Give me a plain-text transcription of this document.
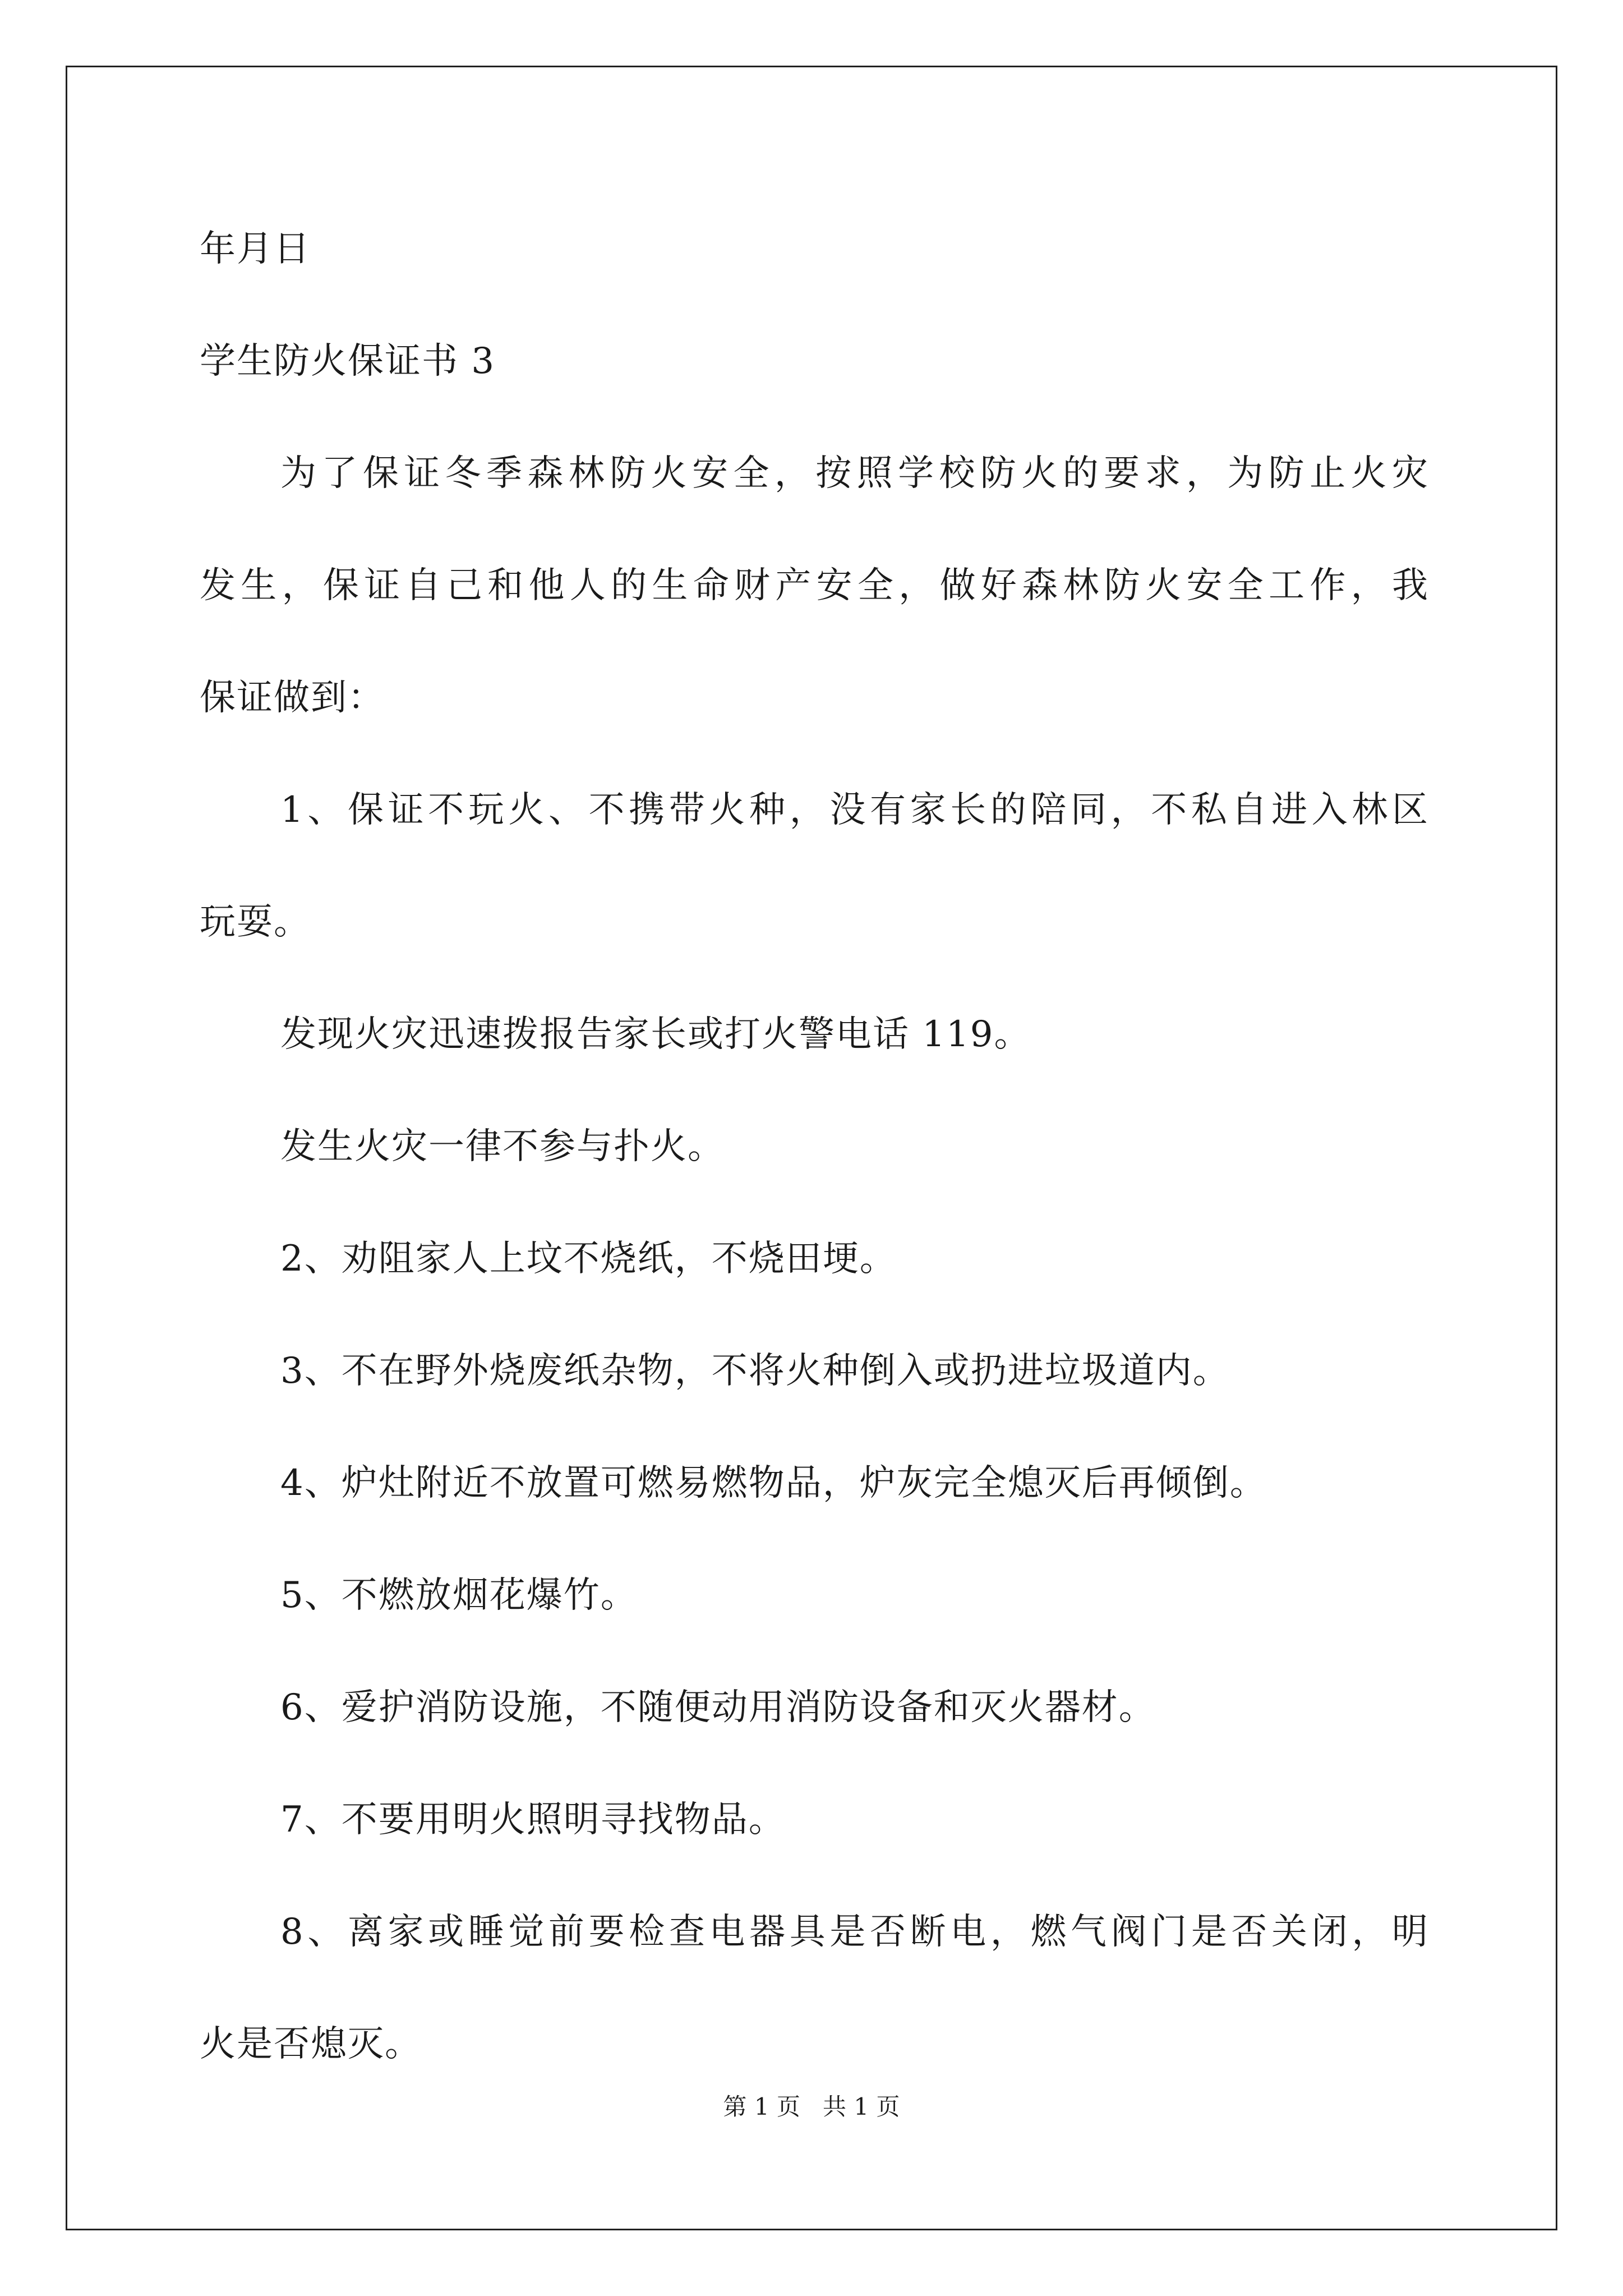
年月日
学生防火保证书 3
为了保证冬季森林防火安全，按照学校防火的要求，为防止火灾
发生，保证自己和他人的生命财产安全，做好森林防火安全工作，我
保证做到：
1、保证不玩火、不携带火种，没有家长的陪同，不私自进入林区
玩耍。
发现火灾迅速拨报告家长或打火警电话 119。
发生火灾一律不参与扑火。
2、劝阻家人上坟不烧纸，不烧田埂。
3、不在野外烧废纸杂物，不将火种倒入或扔进垃圾道内。
4、炉灶附近不放置可燃易燃物品，炉灰完全熄灭后再倾倒。
5、不燃放烟花爆竹。
6、爱护消防设施，不随便动用消防设备和灭火器材。
7、不要用明火照明寻找物品。
8、离家或睡觉前要检查电器具是否断电，燃气阀门是否关闭，明
火是否熄灭。
第 1 页   共 1 页
